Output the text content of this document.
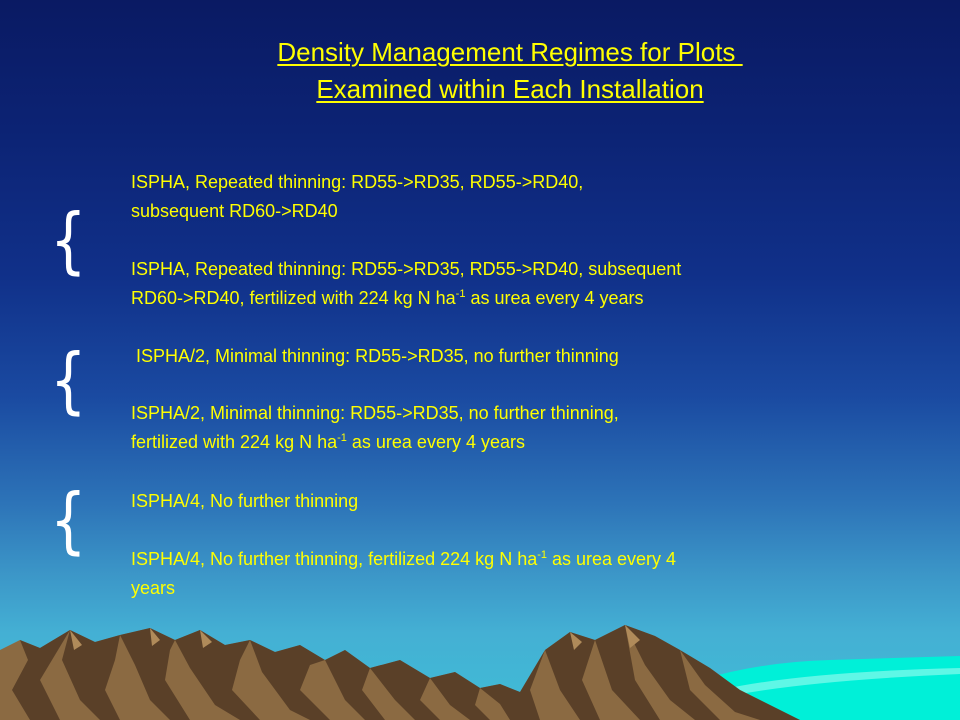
Density Management Regimes for Plots
Examined within Each Installation
{
{
{
ISPHA, Repeated thinning: RD55->RD35, RD55->RD40,
subsequent RD60->RD40
ISPHA, Repeated thinning: RD55->RD35, RD55->RD40, subsequent
RD60->RD40, fertilized with 224 kg N $ha^{-1}$ as urea every 4 years
ISPHA/2, Minimal thinning: RD55->RD35, no further thinning
ISPHA/2, Minimal thinning: RD55->RD35, no further thinning,
fertilized with 224 kg N $ha^{-1}$ as urea every 4 years
ISPHA/4, No further thinning
ISPHA/4, No further thinning, fertilized 224 kg N $ha^{-1}$ as urea every 4
years
